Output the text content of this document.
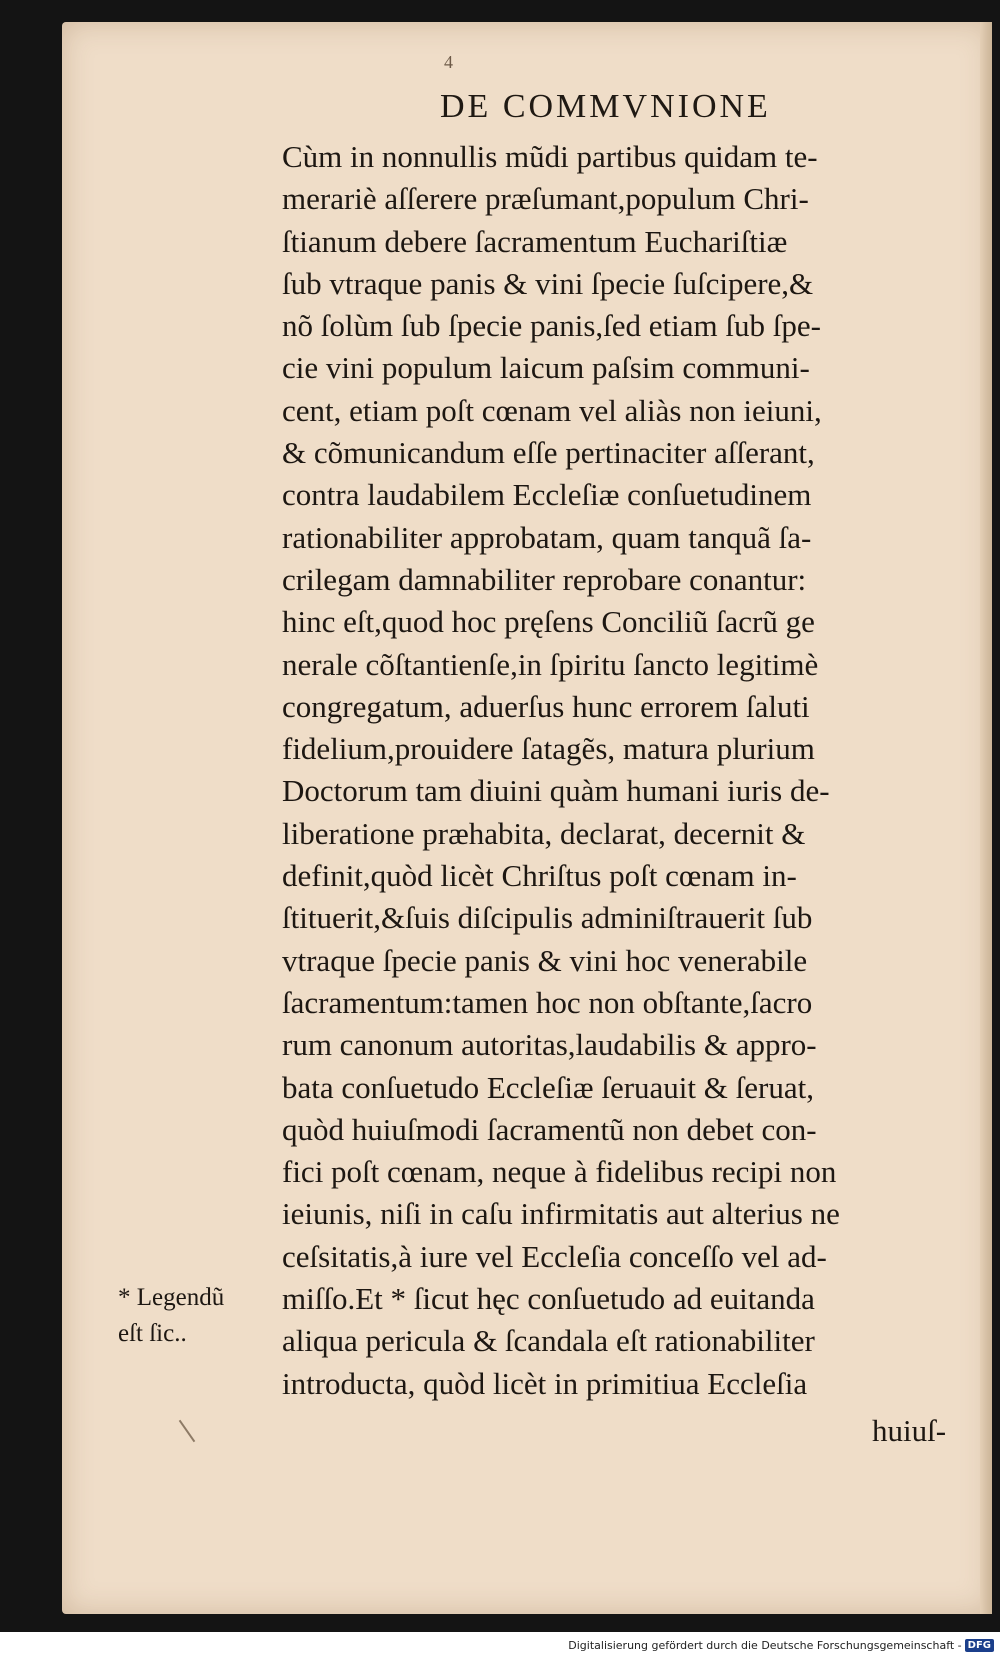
4
DE COMMVNIONE
Cùm in nonnullis mũdi partibus quidam te-
merariè aſſerere præſumant,populum Chri-
ſtianum debere ſacramentum Euchariſtiæ
ſub vtraque panis & vini ſpecie ſuſcipere,&
nõ ſolùm ſub ſpecie panis,ſed etiam ſub ſpe-
cie vini populum laicum paſsim communi-
cent, etiam poſt cœnam vel aliàs non ieiuni,
& cõmunicandum eſſe pertinaciter aſſerant,
contra laudabilem Eccleſiæ conſuetudinem
rationabiliter approbatam, quam tanquã ſa-
crilegam damnabiliter reprobare conantur:
hinc eſt,quod hoc pręſens Conciliũ ſacrũ ge
nerale cõſtantienſe,in ſpiritu ſancto legitimè
congregatum, aduerſus hunc errorem ſaluti
fidelium,prouidere ſatagẽs, matura plurium
Doctorum tam diuini quàm humani iuris de-
liberatione præhabita, declarat, decernit &
definit,quòd licèt Chriſtus poſt cœnam in-
ſtituerit,&ſuis diſcipulis adminiſtrauerit ſub
vtraque ſpecie panis & vini hoc venerabile
ſacramentum:tamen hoc non obſtante,ſacro
rum canonum autoritas,laudabilis & appro-
bata conſuetudo Eccleſiæ ſeruauit & ſeruat,
quòd huiuſmodi ſacramentũ non debet con-
fici poſt cœnam, neque à fidelibus recipi non
ieiunis, niſi in caſu infirmitatis aut alterius ne
ceſsitatis,à iure vel Eccleſia conceſſo vel ad-
miſſo.Et * ſicut hęc conſuetudo ad euitanda
aliqua pericula & ſcandala eſt rationabiliter
introducta, quòd licèt in primitiua Eccleſia
* Legendũ
eſt ſic..
huiuſ-
Digitalisierung gefördert durch die Deutsche Forschungsgemeinschaft - DFG
